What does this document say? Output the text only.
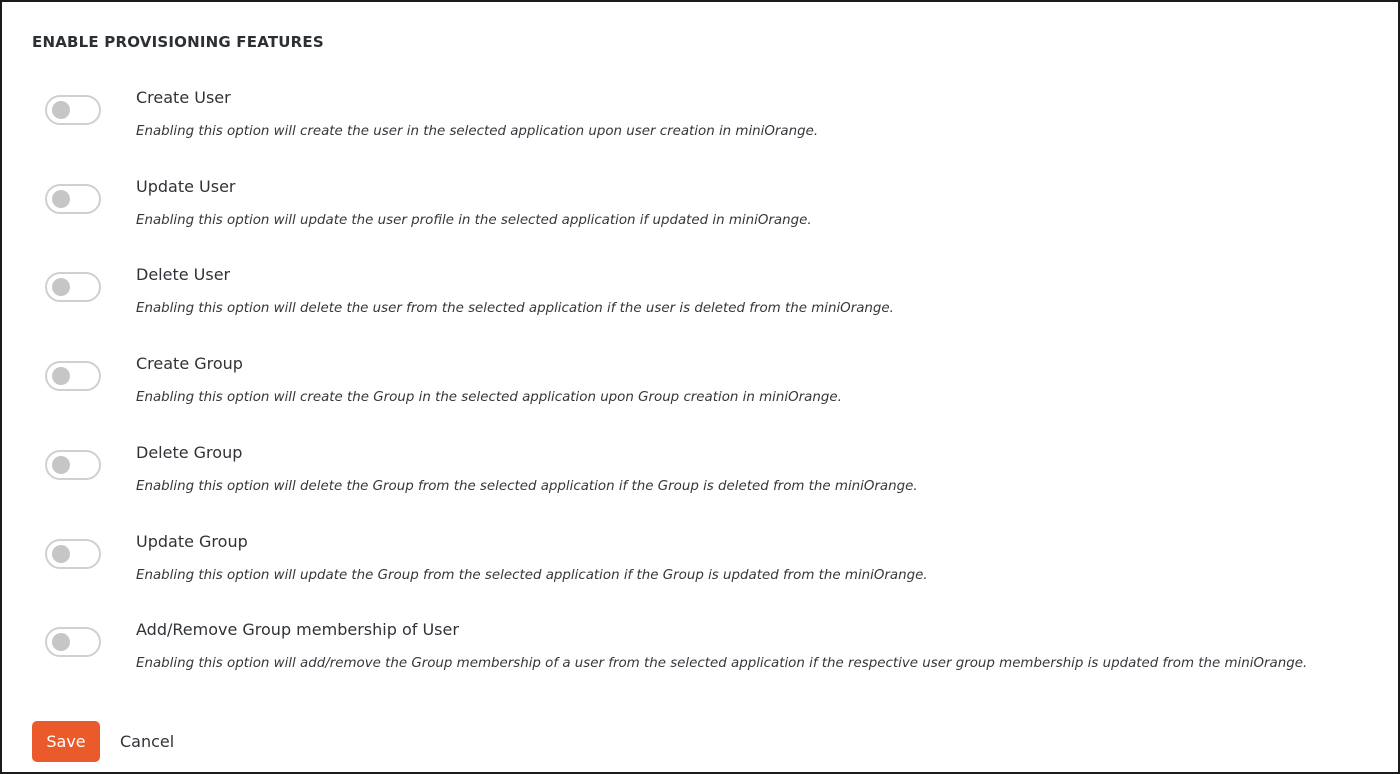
ENABLE PROVISIONING FEATURES
Create User
Enabling this option will create the user in the selected application upon user creation in miniOrange.
Update User
Enabling this option will update the user profile in the selected application if updated in miniOrange.
Delete User
Enabling this option will delete the user from the selected application if the user is deleted from the miniOrange.
Create Group
Enabling this option will create the Group in the selected application upon Group creation in miniOrange.
Delete Group
Enabling this option will delete the Group from the selected application if the Group is deleted from the miniOrange.
Update Group
Enabling this option will update the Group from the selected application if the Group is updated from the miniOrange.
Add/Remove Group membership of User
Enabling this option will add/remove the Group membership of a user from the selected application if the respective user group membership is updated from the miniOrange.
Save	Cancel
